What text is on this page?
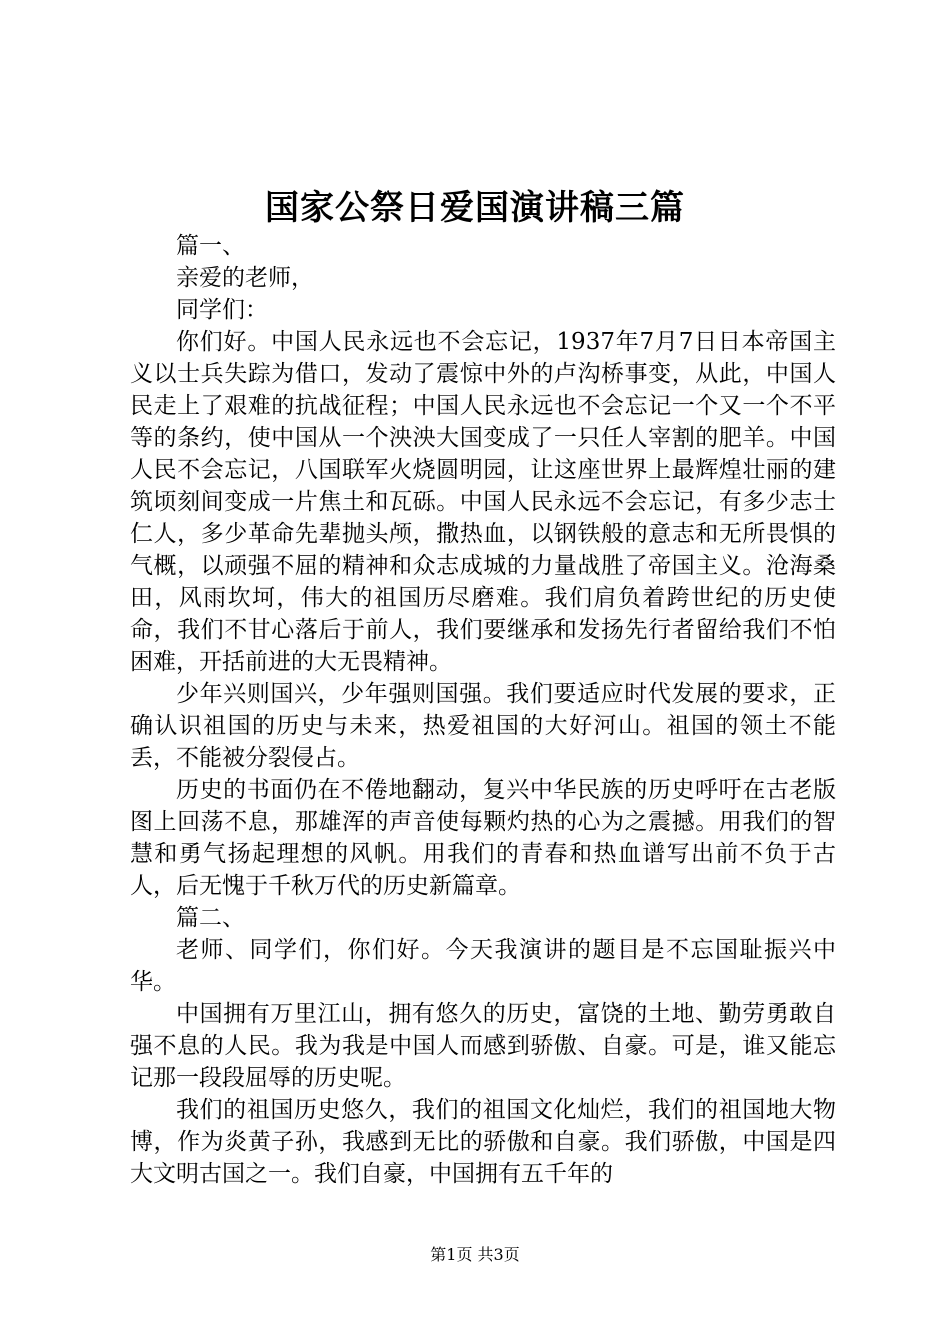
国家公祭日爱国演讲稿三篇

篇一、

亲爱的老师，

同学们：

你们好。中国人民永远也不会忘记，1937年7月7日日本帝国主义以士兵失踪为借口，发动了震惊中外的卢沟桥事变，从此，中国人民走上了艰难的抗战征程；中国人民永远也不会忘记一个又一个不平等的条约，使中国从一个泱泱大国变成了一只任人宰割的肥羊。中国人民不会忘记，八国联军火烧圆明园，让这座世界上最辉煌壮丽的建筑顷刻间变成一片焦土和瓦砾。中国人民永远不会忘记，有多少志士仁人，多少革命先辈抛头颅，撒热血，以钢铁般的意志和无所畏惧的气概，以顽强不屈的精神和众志成城的力量战胜了帝国主义。沧海桑田，风雨坎坷，伟大的祖国历尽磨难。我们肩负着跨世纪的历史使命，我们不甘心落后于前人，我们要继承和发扬先行者留给我们不怕困难，开括前进的大无畏精神。

少年兴则国兴，少年强则国强。我们要适应时代发展的要求，正确认识祖国的历史与未来，热爱祖国的大好河山。祖国的领土不能丢，不能被分裂侵占。

历史的书面仍在不倦地翻动，复兴中华民族的历史呼吁在古老版图上回荡不息，那雄浑的声音使每颗灼热的心为之震撼。用我们的智慧和勇气扬起理想的风帆。用我们的青春和热血谱写出前不负于古人，后无愧于千秋万代的历史新篇章。

篇二、

老师、同学们，你们好。今天我演讲的题目是不忘国耻振兴中华。

中国拥有万里江山，拥有悠久的历史，富饶的土地、勤劳勇敢自强不息的人民。我为我是中国人而感到骄傲、自豪。可是，谁又能忘记那一段段屈辱的历史呢。

我们的祖国历史悠久，我们的祖国文化灿烂，我们的祖国地大物博，作为炎黄子孙，我感到无比的骄傲和自豪。我们骄傲，中国是四大文明古国之一。我们自豪，中国拥有五千年的

第1页 共3页
